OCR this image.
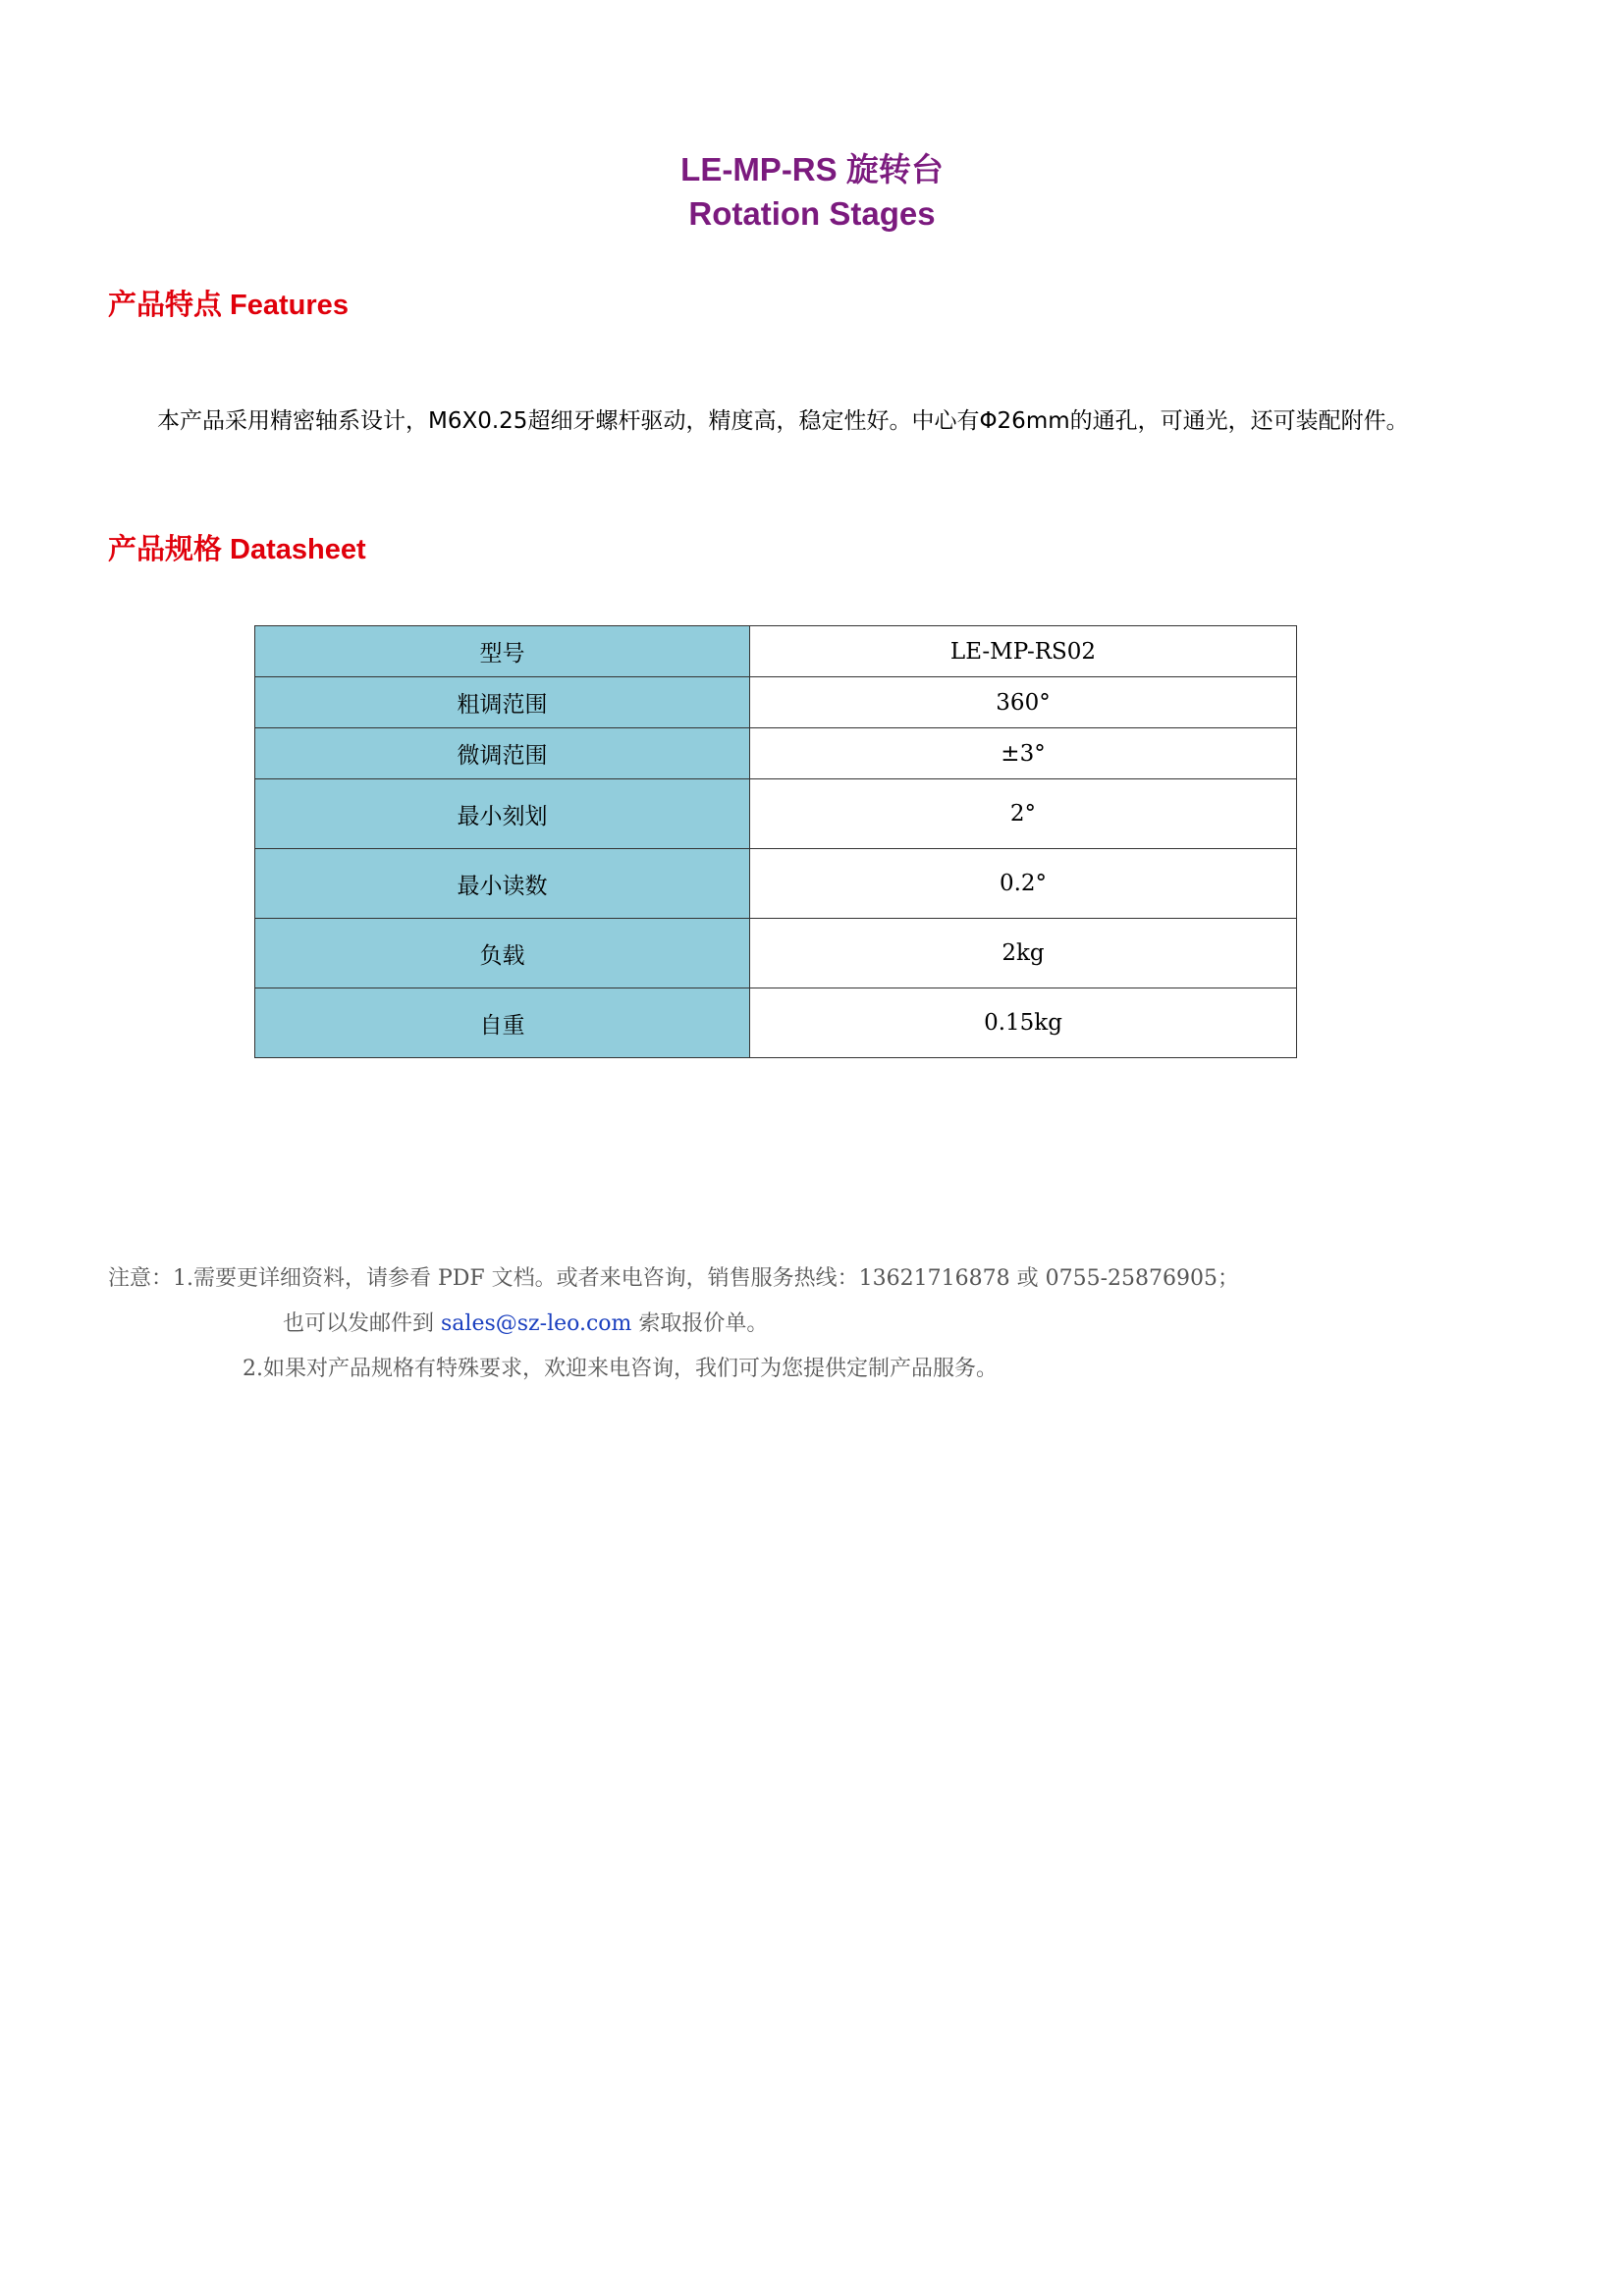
LE-MP-RS 旋转台
Rotation Stages
产品特点 Features
本产品采用精密轴系设计，M6X0.25超细牙螺杆驱动，精度高，稳定性好。中心有Φ26mm的通孔，可通光，还可装配附件。
产品规格 Datasheet
型号	LE-MP-RS02
粗调范围	360°
微调范围	±3°
最小刻划	2°
最小读数	0.2°
负载	2kg
自重	0.15kg
注意：1.需要更详细资料，请参看 PDF 文档。或者来电咨询，销售服务热线：13621716878 或 0755-25876905；
也可以发邮件到 sales@sz-leo.com 索取报价单。
2.如果对产品规格有特殊要求，欢迎来电咨询，我们可为您提供定制产品服务。
